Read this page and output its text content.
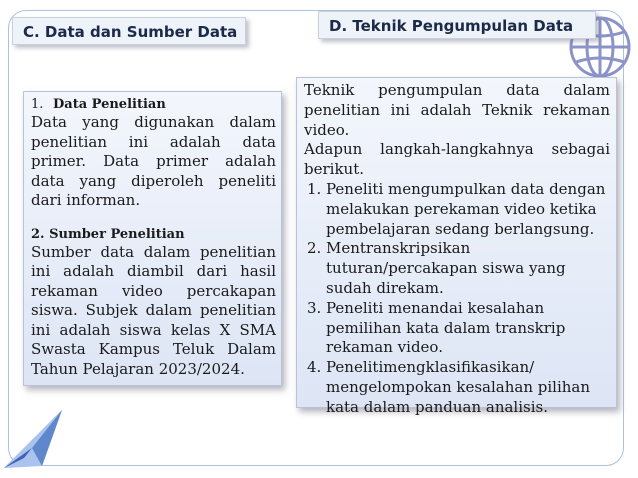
C. Data dan Sumber Data	D. Teknik Pengumpulan Data
1. Data Penelitian

Data yang digunakan dalam penelitian ini adalah data primer. Data primer adalah data yang diperoleh peneliti dari informan.

2. Sumber Penelitian

Sumber data dalam penelitian ini adalah diambil dari hasil rekaman video percakapan siswa. Subjek dalam penelitian ini adalah siswa kelas X SMA Swasta Kampus Teluk Dalam Tahun Pelajaran 2023/2024.

Teknik pengumpulan data dalam penelitian ini adalah Teknik rekaman video.

Adapun langkah-langkahnya sebagai berikut.

1. Peneliti mengumpulkan data dengan melakukan perekaman video ketika pembelajaran sedang berlangsung.
2. Mentranskripsikan tuturan/percakapan siswa yang sudah direkam.
3. Peneliti menandai kesalahan pemilihan kata dalam transkrip rekaman video.
4. Penelitimengklasifikasikan/ mengelompokan kesalahan pilihan kata dalam panduan analisis.
